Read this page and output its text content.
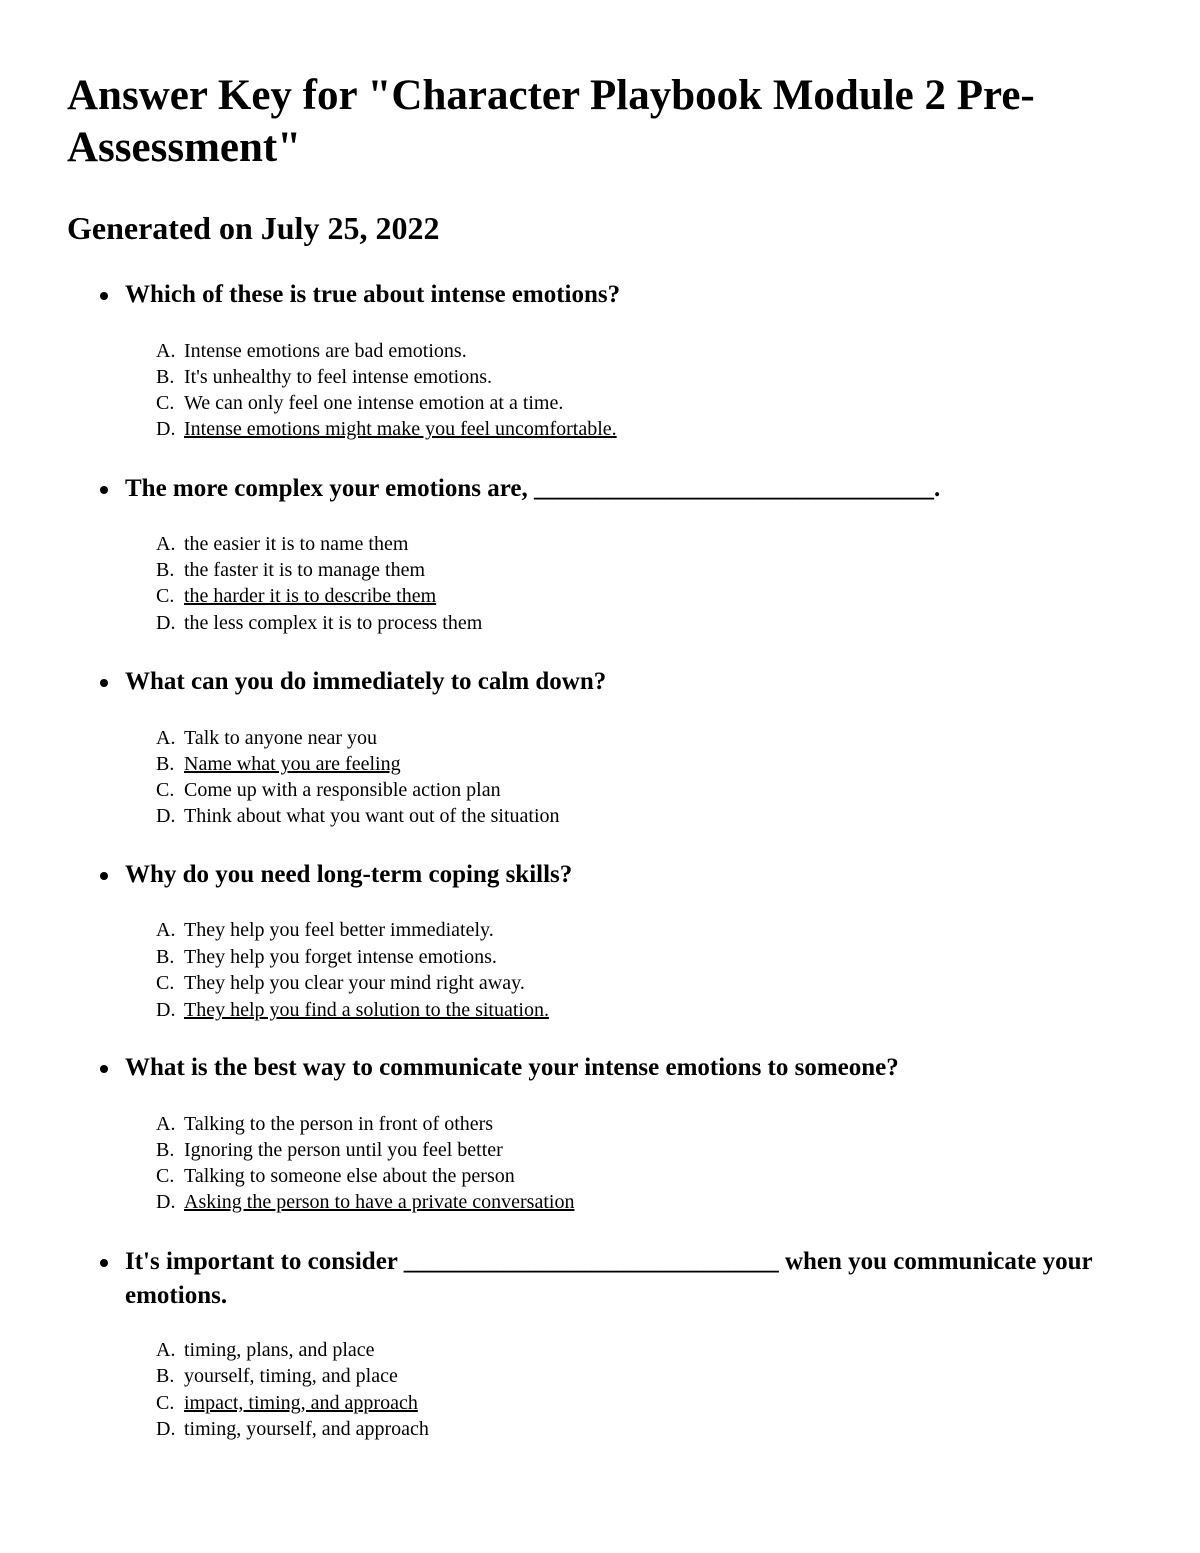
Answer Key for "Character Playbook Module 2 Pre-Assessment"
Generated on July 25, 2022

Which of these is true about intense emotions?

A. Intense emotions are bad emotions.

B. It's unhealthy to feel intense emotions.

C. We can only feel one intense emotion at a time.

D. Intense emotions might make you feel uncomfortable.

The more complex your emotions are, ________________________________.

A. the easier it is to name them

B. the faster it is to manage them

C. the harder it is to describe them

D. the less complex it is to process them

What can you do immediately to calm down?

A. Talk to anyone near you

B. Name what you are feeling

C. Come up with a responsible action plan

D. Think about what you want out of the situation

Why do you need long-term coping skills?

A. They help you feel better immediately.

B. They help you forget intense emotions.

C. They help you clear your mind right away.

D. They help you find a solution to the situation.

What is the best way to communicate your intense emotions to someone?

A. Talking to the person in front of others

B. Ignoring the person until you feel better

C. Talking to someone else about the person

D. Asking the person to have a private conversation

It's important to consider ______________________________ when you communicate your emotions.

A. timing, plans, and place

B. yourself, timing, and place

C. impact, timing, and approach

D. timing, yourself, and approach
